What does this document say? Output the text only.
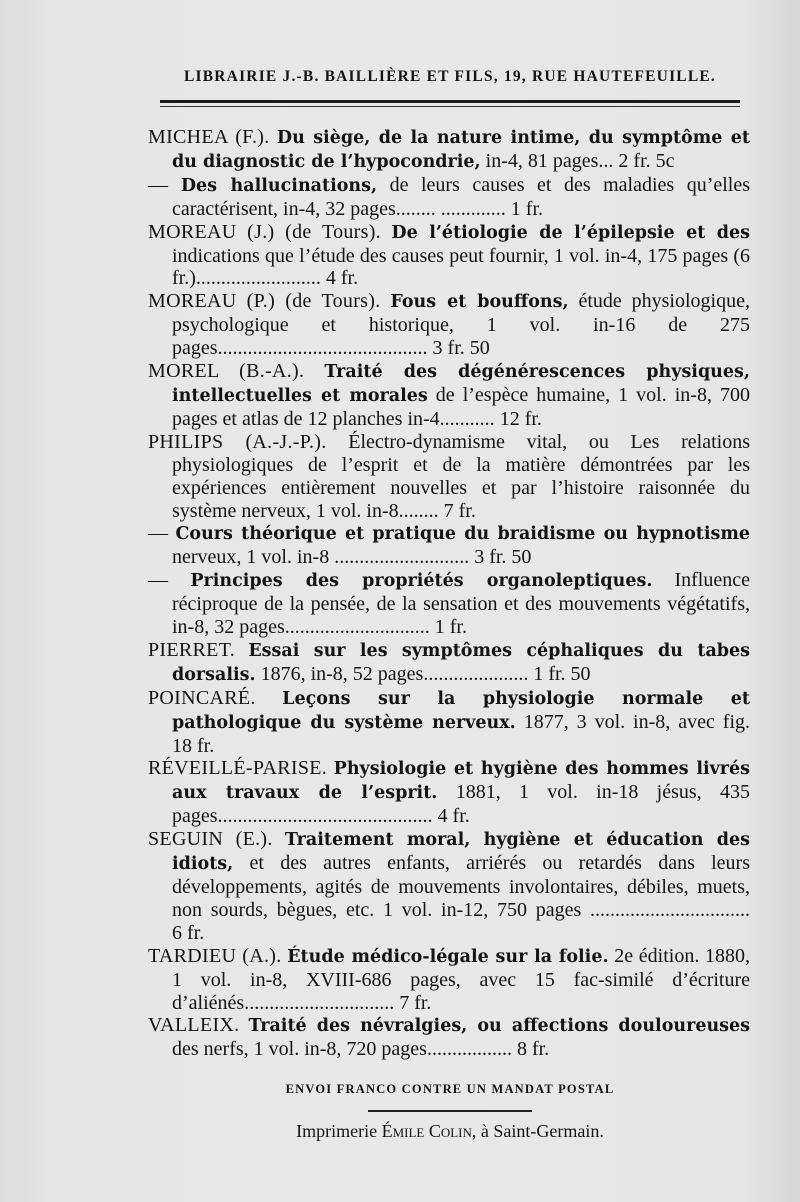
LIBRAIRIE J.-B. BAILLIÈRE ET FILS, 19, RUE HAUTEFEUILLE.

MICHEA (F.). Du siège, de la nature intime, du symptôme et du diagnostic de l’hypocondrie, in-4, 81 pages... 2 fr. 5c

— Des hallucinations, de leurs causes et des maladies qu’elles caractérisent, in-4, 32 pages........ ............. 1 fr.

MOREAU (J.) (de Tours). De l’étiologie de l’épilepsie et des indications que l’étude des causes peut fournir, 1 vol. in-4, 175 pages (6 fr.)......................... 4 fr.

MOREAU (P.) (de Tours). Fous et bouffons, étude physiologique, psychologique et historique, 1 vol. in-16 de 275 pages.......................................... 3 fr. 50

MOREL (B.-A.). Traité des dégénérescences physiques, intellectuelles et morales de l’espèce humaine, 1 vol. in-8, 700 pages et atlas de 12 planches in-4........... 12 fr.

PHILIPS (A.-J.-P.). Électro-dynamisme vital, ou Les relations physiologiques de l’esprit et de la matière démontrées par les expériences entièrement nouvelles et par l’histoire raisonnée du système nerveux, 1 vol. in-8........ 7 fr.

— Cours théorique et pratique du braidisme ou hypnotisme nerveux, 1 vol. in-8 ........................... 3 fr. 50

— Principes des propriétés organoleptiques. Influence réciproque de la pensée, de la sensation et des mouvements végétatifs, in-8, 32 pages............................. 1 fr.

PIERRET. Essai sur les symptômes céphaliques du tabes dorsalis. 1876, in-8, 52 pages..................... 1 fr. 50

POINCARÉ. Leçons sur la physiologie normale et pathologique du système nerveux. 1877, 3 vol. in-8, avec fig. 18 fr.

RÉVEILLÉ-PARISE. Physiologie et hygiène des hommes livrés aux travaux de l’esprit. 1881, 1 vol. in-18 jésus, 435 pages........................................... 4 fr.

SEGUIN (E.). Traitement moral, hygiène et éducation des idiots, et des autres enfants, arriérés ou retardés dans leurs développements, agités de mouvements involontaires, débiles, muets, non sourds, bègues, etc. 1 vol. in-12, 750 pages ................................ 6 fr.

TARDIEU (A.). Étude médico-légale sur la folie. 2e édition. 1880, 1 vol. in-8, XVIII-686 pages, avec 15 fac-similé d’écriture d’aliénés.............................. 7 fr.

VALLEIX. Traité des névralgies, ou affections douloureuses des nerfs, 1 vol. in-8, 720 pages................. 8 fr.

ENVOI FRANCO CONTRE UN MANDAT POSTAL
Imprimerie Émile Colin, à Saint-Germain.
